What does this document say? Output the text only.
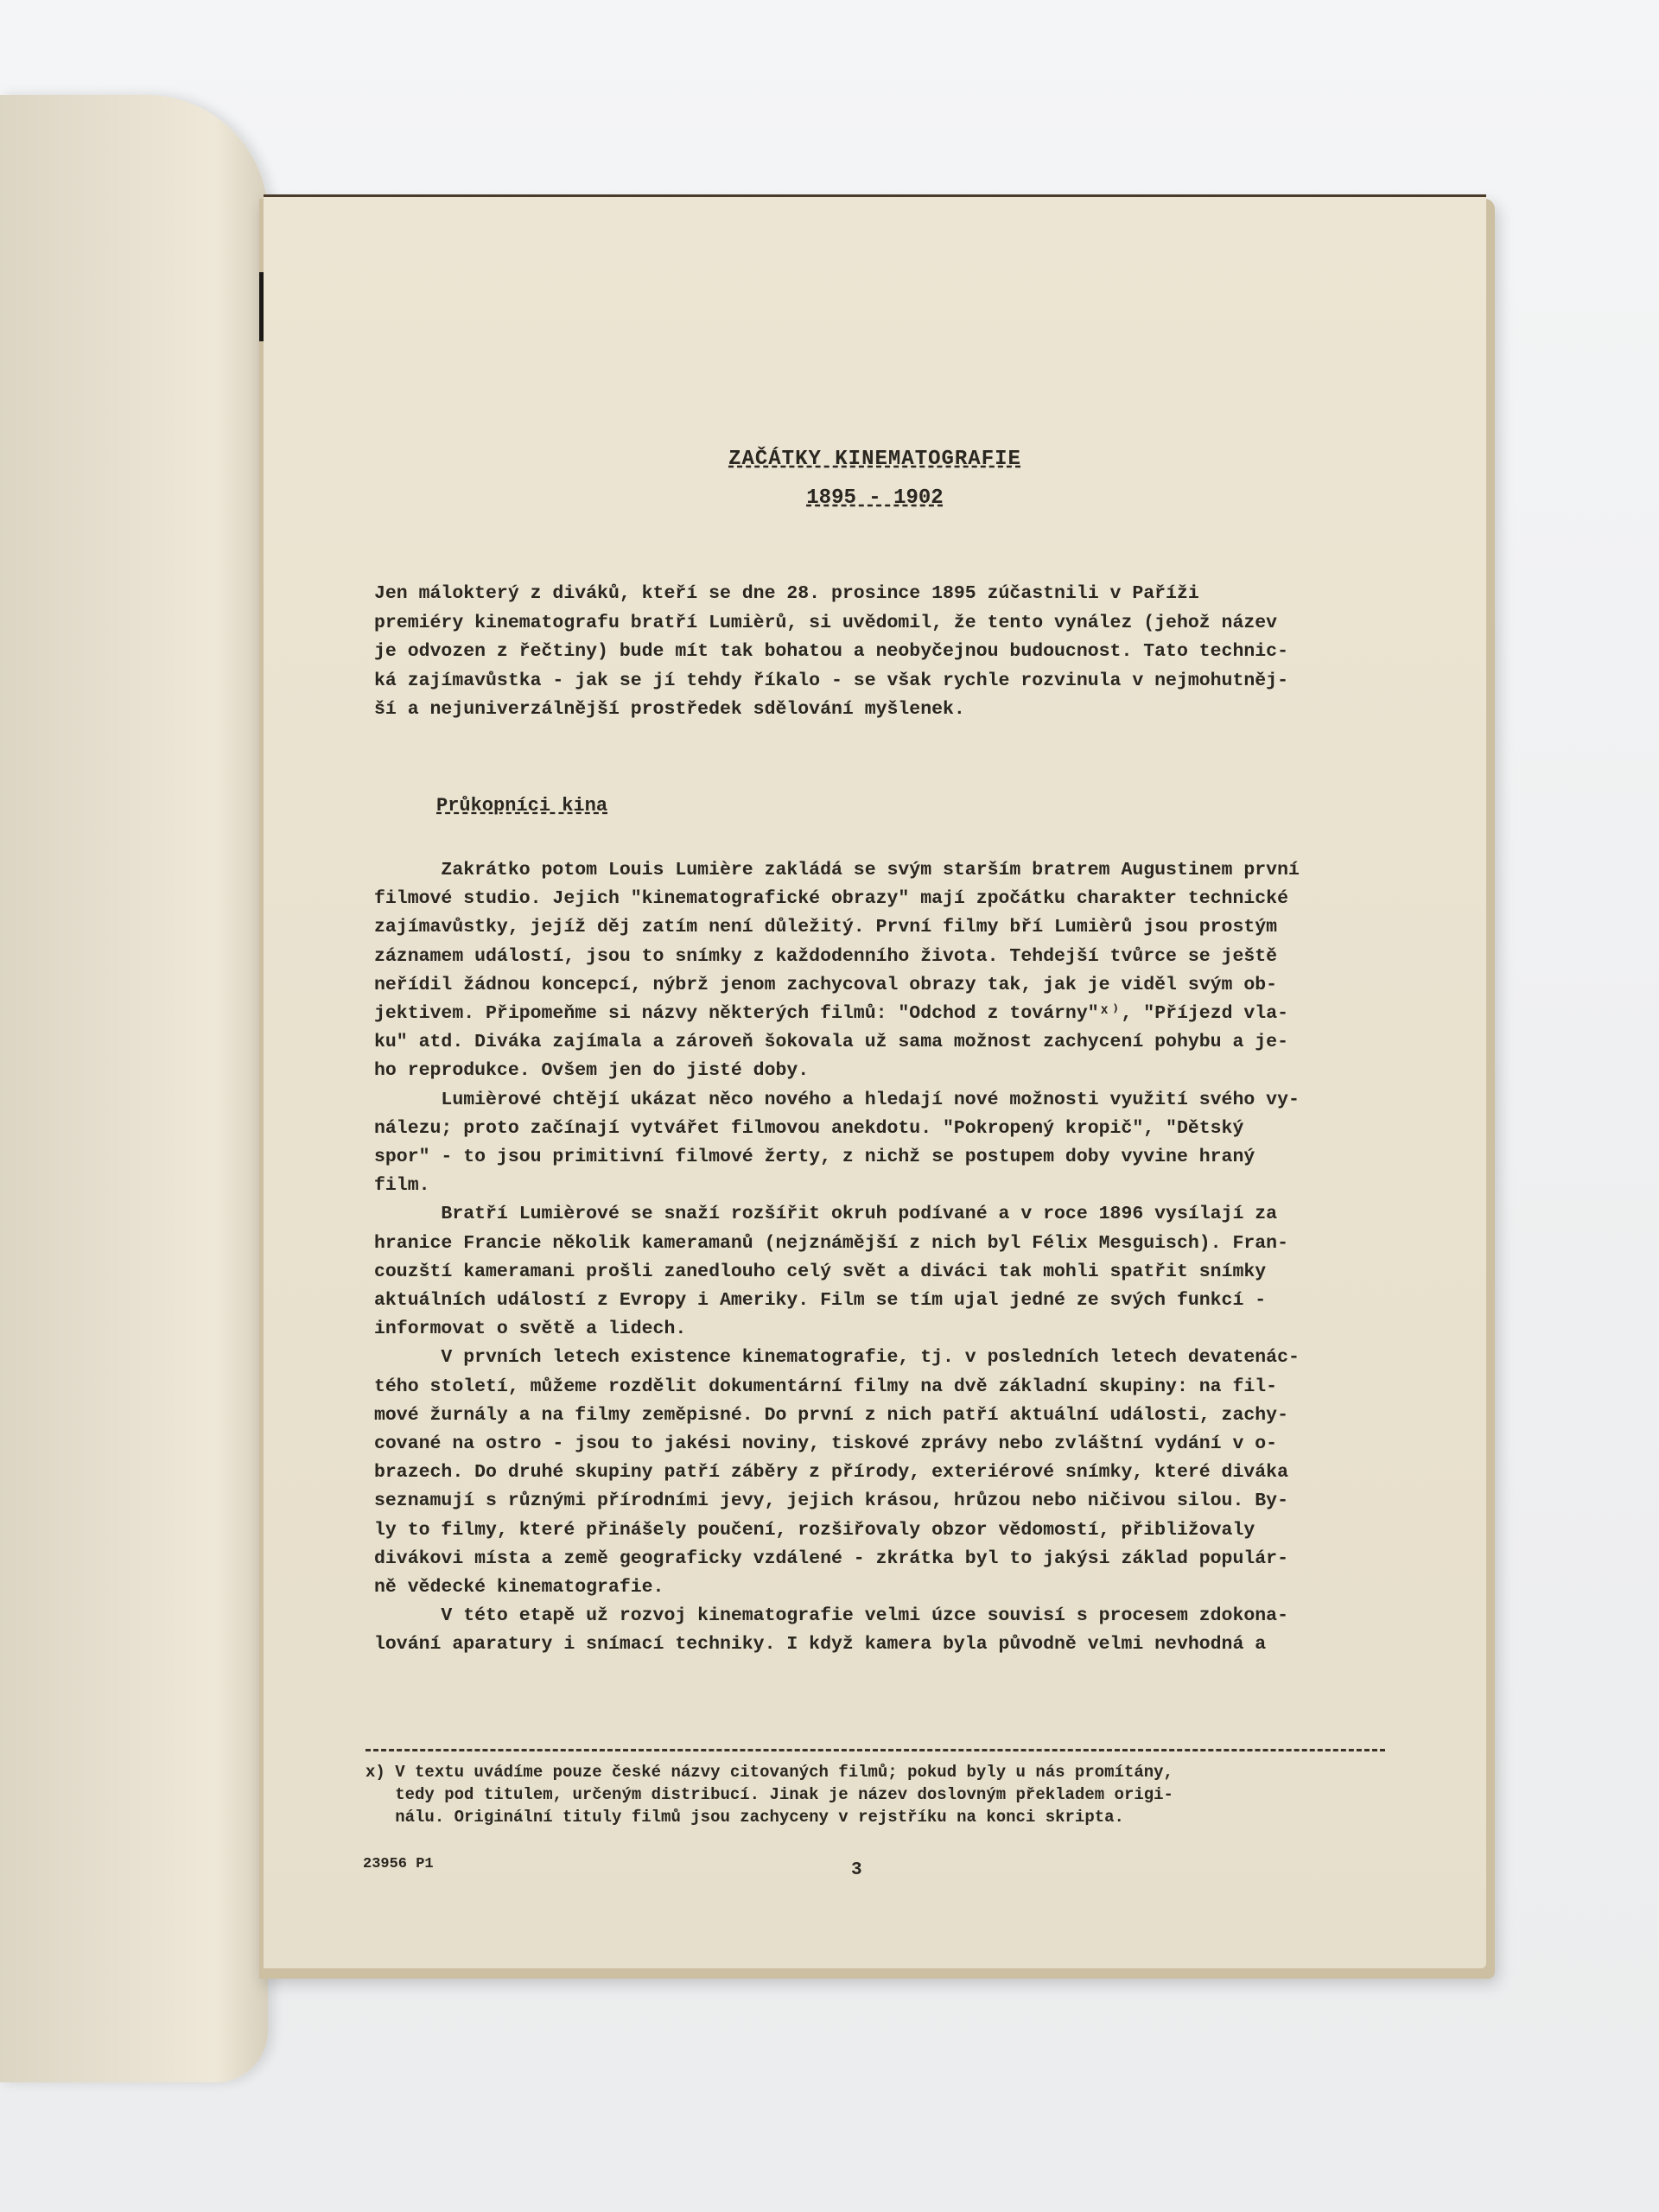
ZAČÁTKY KINEMATOGRAFIE
1895 - 1902
Jen málokterý z diváků, kteří se dne 28. prosince 1895 zúčastnili v Paříži
premiéry kinematografu bratří Lumièrů, si uvědomil, že tento vynález (jehož název
je odvozen z řečtiny) bude mít tak bohatou a neobyčejnou budoucnost. Tato technic-
ká zajímavůstka - jak se jí tehdy říkalo - se však rychle rozvinula v nejmohutněj-
ší a nejuniverzálnější prostředek sdělování myšlenek.
Průkopníci kina
Zakrátko potom Louis Lumière zakládá se svým starším bratrem Augustinem první
filmové studio. Jejich "kinematografické obrazy" mají zpočátku charakter technické
zajímavůstky, jejíž děj zatím není důležitý. První filmy bří Lumièrů jsou prostým
záznamem událostí, jsou to snímky z každodenního života. Tehdejší tvůrce se ještě
neřídil žádnou koncepcí, nýbrž jenom zachycoval obrazy tak, jak je viděl svým ob-
jektivem. Připomeňme si názvy některých filmů: "Odchod z továrny"ˣ⁾, "Příjezd vla-
ku" atd. Diváka zajímala a zároveň šokovala už sama možnost zachycení pohybu a je-
ho reprodukce. Ovšem jen do jisté doby.
Lumièrové chtějí ukázat něco nového a hledají nové možnosti využití svého vy-
nálezu; proto začínají vytvářet filmovou anekdotu. "Pokropený kropič", "Dětský
spor" - to jsou primitivní filmové žerty, z nichž se postupem doby vyvine hraný
film.
Bratří Lumièrové se snaží rozšířit okruh podívané a v roce 1896 vysílají za
hranice Francie několik kameramanů (nejznámější z nich byl Félix Mesguisch). Fran-
couzští kameramani prošli zanedlouho celý svět a diváci tak mohli spatřit snímky
aktuálních událostí z Evropy i Ameriky. Film se tím ujal jedné ze svých funkcí -
informovat o světě a lidech.
V prvních letech existence kinematografie, tj. v posledních letech devatenác-
tého století, můžeme rozdělit dokumentární filmy na dvě základní skupiny: na fil-
mové žurnály a na filmy zeměpisné. Do první z nich patří aktuální události, zachy-
cované na ostro - jsou to jakési noviny, tiskové zprávy nebo zvláštní vydání v o-
brazech. Do druhé skupiny patří záběry z přírody, exteriérové snímky, které diváka
seznamují s různými přírodními jevy, jejich krásou, hrůzou nebo ničivou silou. By-
ly to filmy, které přinášely poučení, rozšiřovaly obzor vědomostí, přibližovaly
divákovi místa a země geograficky vzdálené - zkrátka byl to jakýsi základ populár-
ně vědecké kinematografie.
V této etapě už rozvoj kinematografie velmi úzce souvisí s procesem zdokona-
lování aparatury i snímací techniky. I když kamera byla původně velmi nevhodná a
x) V textu uvádíme pouze české názvy citovaných filmů; pokud byly u nás promítány,
tedy pod titulem, určeným distribucí. Jinak je název doslovným překladem origi-
nálu. Originální tituly filmů jsou zachyceny v rejstříku na konci skripta.
23956 P1	3
